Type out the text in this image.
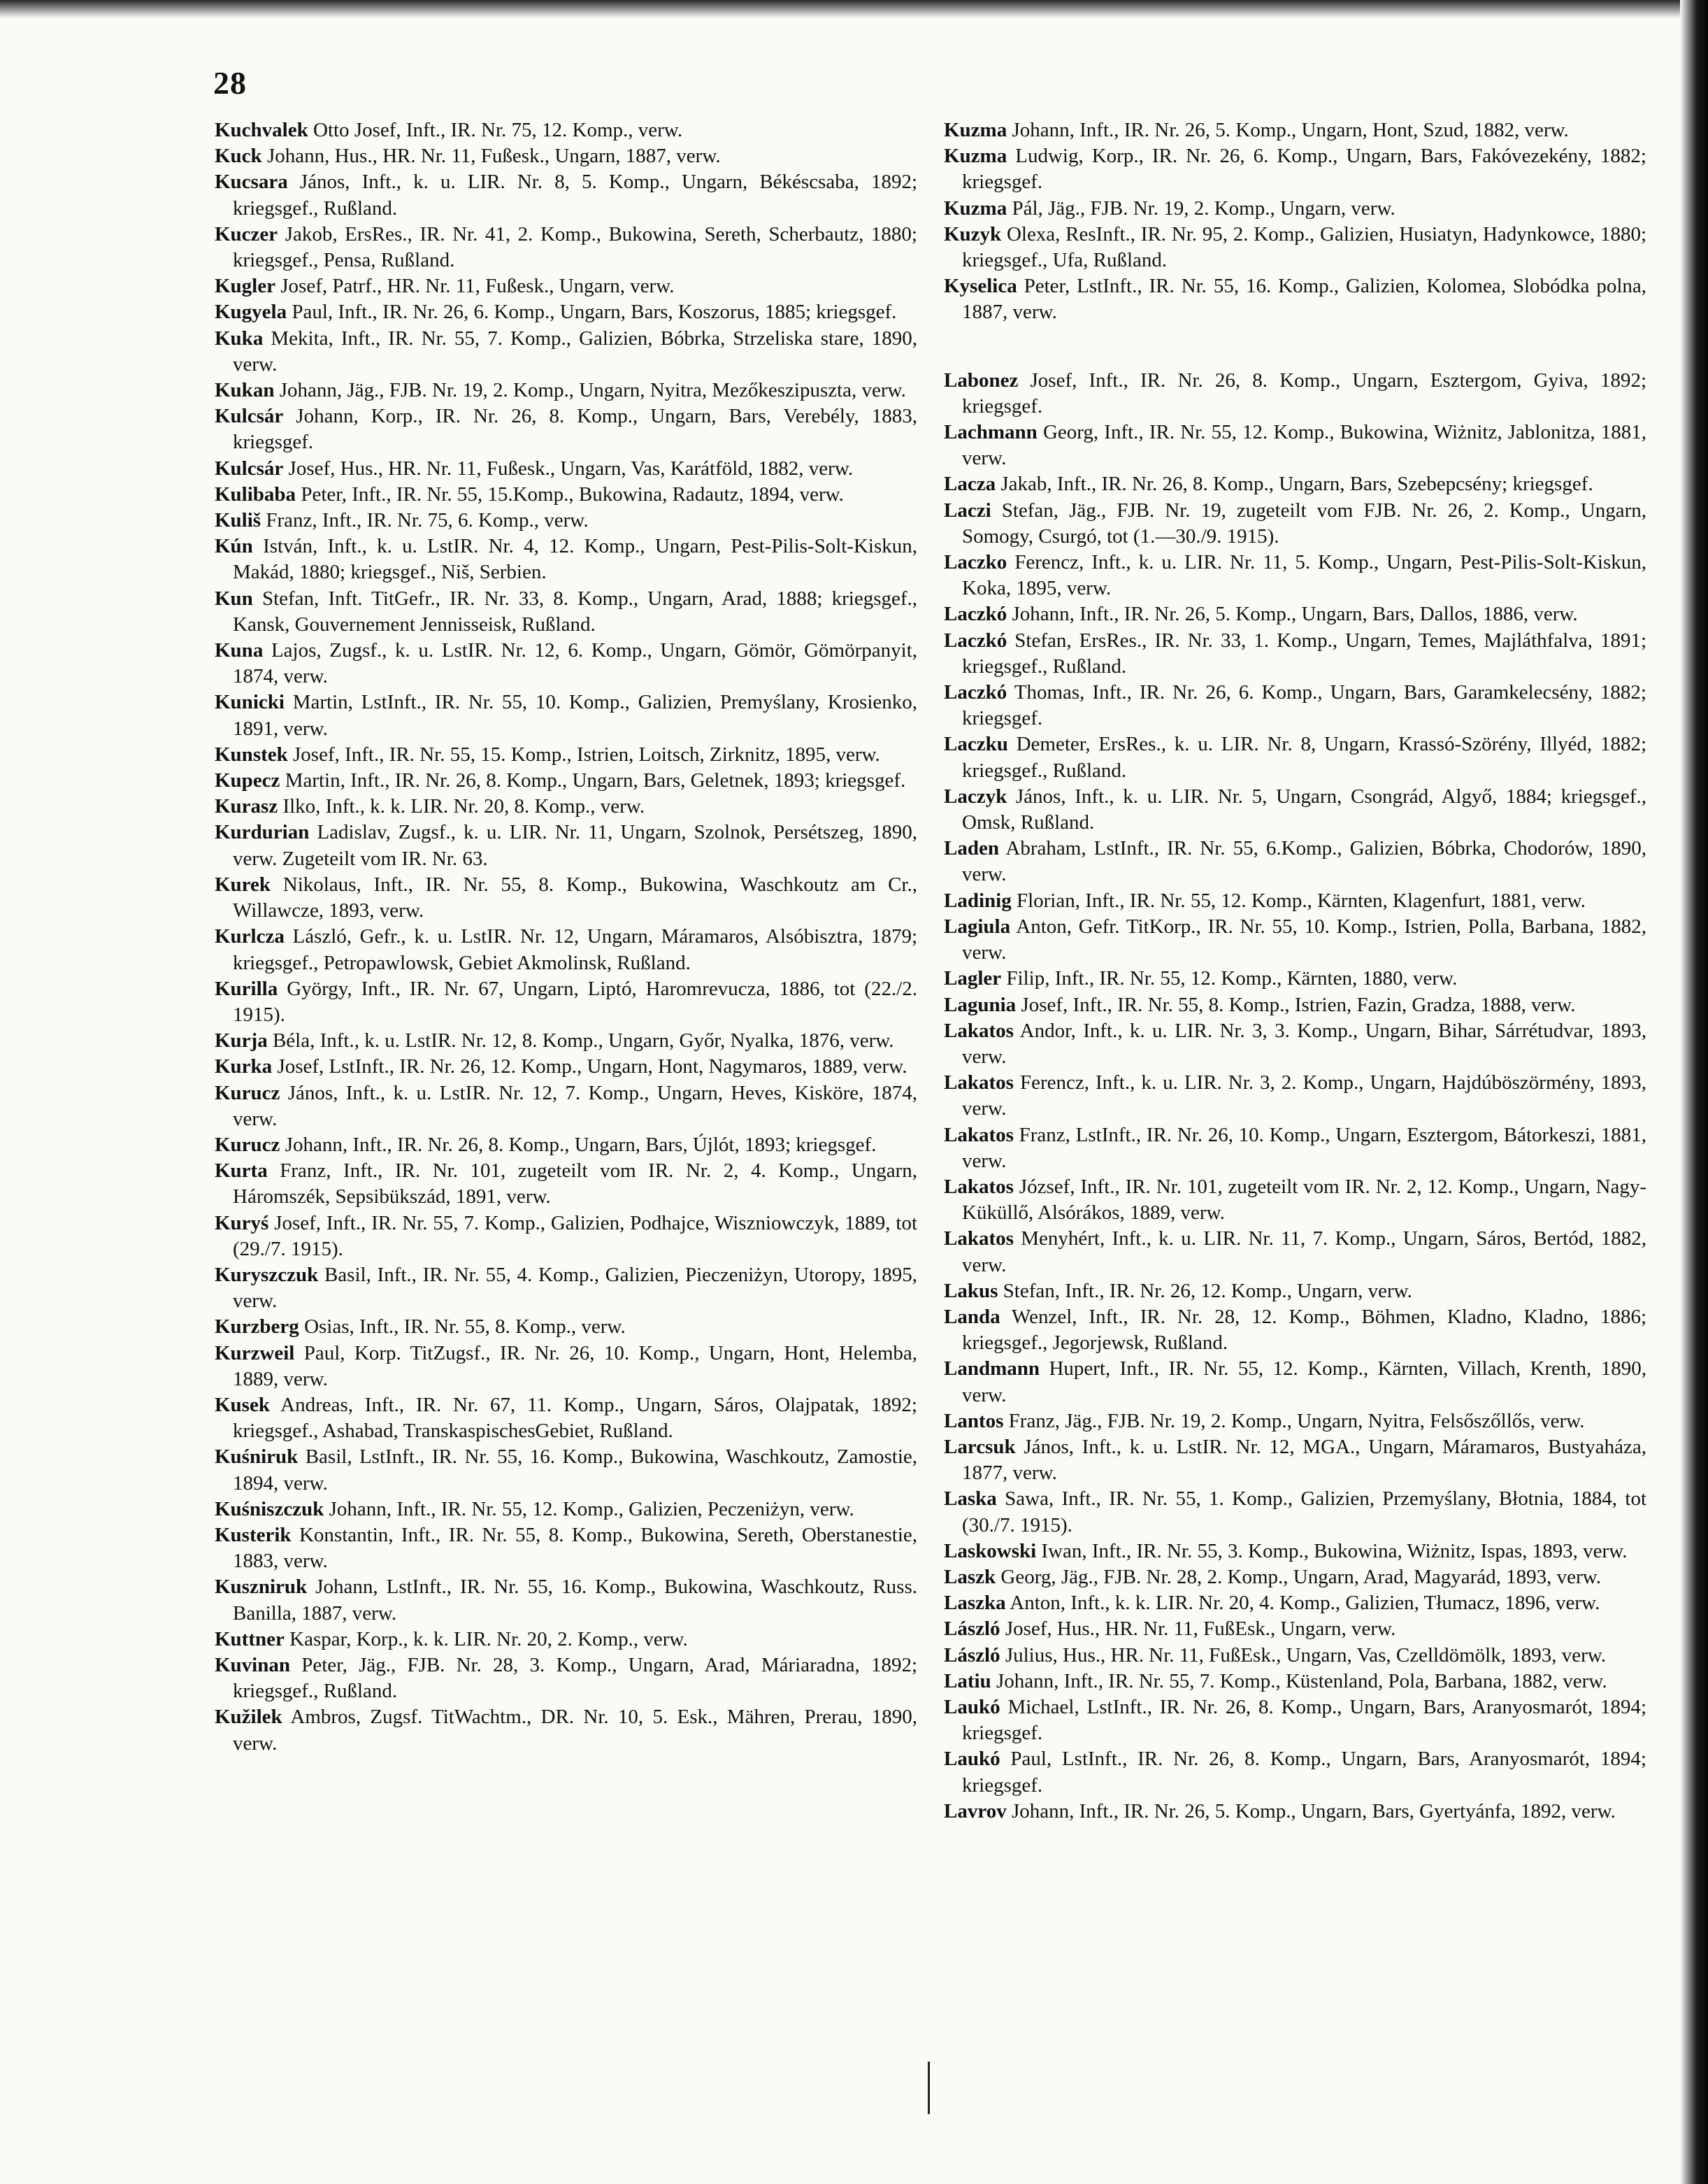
28

Kuchvalek Otto Josef, Inft., IR. Nr. 75, 12. Komp., verw.

Kuck Johann, Hus., HR. Nr. 11, Fußesk., Ungarn, 1887, verw.

Kucsara János, Inft., k. u. LIR. Nr. 8, 5. Komp., Ungarn, Békéscsaba, 1892; kriegsgef., Rußland.

Kuczer Jakob, ErsRes., IR. Nr. 41, 2. Komp., Bukowina, Sereth, Scherbautz, 1880; kriegsgef., Pensa, Rußland.

Kugler Josef, Patrf., HR. Nr. 11, Fußesk., Ungarn, verw.

Kugyela Paul, Inft., IR. Nr. 26, 6. Komp., Ungarn, Bars, Koszorus, 1885; kriegsgef.

Kuka Mekita, Inft., IR. Nr. 55, 7. Komp., Galizien, Bóbrka, Strzeliska stare, 1890, verw.

Kukan Johann, Jäg., FJB. Nr. 19, 2. Komp., Ungarn, Nyitra, Mezőkeszipuszta, verw.

Kulcsár Johann, Korp., IR. Nr. 26, 8. Komp., Ungarn, Bars, Verebély, 1883, kriegsgef.

Kulcsár Josef, Hus., HR. Nr. 11, Fußesk., Ungarn, Vas, Karátföld, 1882, verw.

Kulibaba Peter, Inft., IR. Nr. 55, 15.Komp., Bukowina, Radautz, 1894, verw.

Kuliš Franz, Inft., IR. Nr. 75, 6. Komp., verw.

Kún István, Inft., k. u. LstIR. Nr. 4, 12. Komp., Ungarn, Pest-Pilis-Solt-Kiskun, Makád, 1880; kriegsgef., Niš, Serbien.

Kun Stefan, Inft. TitGefr., IR. Nr. 33, 8. Komp., Ungarn, Arad, 1888; kriegsgef., Kansk, Gouvernement Jennisseisk, Rußland.

Kuna Lajos, Zugsf., k. u. LstIR. Nr. 12, 6. Komp., Ungarn, Gömör, Gömörpanyit, 1874, verw.

Kunicki Martin, LstInft., IR. Nr. 55, 10. Komp., Galizien, Premyślany, Krosienko, 1891, verw.

Kunstek Josef, Inft., IR. Nr. 55, 15. Komp., Istrien, Loitsch, Zirknitz, 1895, verw.

Kupecz Martin, Inft., IR. Nr. 26, 8. Komp., Ungarn, Bars, Geletnek, 1893; kriegsgef.

Kurasz Ilko, Inft., k. k. LIR. Nr. 20, 8. Komp., verw.

Kurdurian Ladislav, Zugsf., k. u. LIR. Nr. 11, Ungarn, Szolnok, Persétszeg, 1890, verw. Zugeteilt vom IR. Nr. 63.

Kurek Nikolaus, Inft., IR. Nr. 55, 8. Komp., Bukowina, Waschkoutz am Cr., Willawcze, 1893, verw.

Kurlcza László, Gefr., k. u. LstIR. Nr. 12, Ungarn, Máramaros, Alsóbisztra, 1879; kriegsgef., Petropawlowsk, Gebiet Akmolinsk, Rußland.

Kurilla György, Inft., IR. Nr. 67, Ungarn, Liptó, Haromrevucza, 1886, tot (22./2. 1915).

Kurja Béla, Inft., k. u. LstIR. Nr. 12, 8. Komp., Ungarn, Győr, Nyalka, 1876, verw.

Kurka Josef, LstInft., IR. Nr. 26, 12. Komp., Ungarn, Hont, Nagymaros, 1889, verw.

Kurucz János, Inft., k. u. LstIR. Nr. 12, 7. Komp., Ungarn, Heves, Kisköre, 1874, verw.

Kurucz Johann, Inft., IR. Nr. 26, 8. Komp., Ungarn, Bars, Újlót, 1893; kriegsgef.

Kurta Franz, Inft., IR. Nr. 101, zugeteilt vom IR. Nr. 2, 4. Komp., Ungarn, Háromszék, Sepsibükszád, 1891, verw.

Kuryś Josef, Inft., IR. Nr. 55, 7. Komp., Galizien, Podhajce, Wiszniowczyk, 1889, tot (29./7. 1915).

Kuryszczuk Basil, Inft., IR. Nr. 55, 4. Komp., Galizien, Pieczeniżyn, Utoropy, 1895, verw.

Kurzberg Osias, Inft., IR. Nr. 55, 8. Komp., verw.

Kurzweil Paul, Korp. TitZugsf., IR. Nr. 26, 10. Komp., Ungarn, Hont, Helemba, 1889, verw.

Kusek Andreas, Inft., IR. Nr. 67, 11. Komp., Ungarn, Sáros, Olajpatak, 1892; kriegsgef., Ashabad, TranskaspischesGebiet, Rußland.

Kuśniruk Basil, LstInft., IR. Nr. 55, 16. Komp., Bukowina, Waschkoutz, Zamostie, 1894, verw.

Kuśniszczuk Johann, Inft., IR. Nr. 55, 12. Komp., Galizien, Peczeniżyn, verw.

Kusterik Konstantin, Inft., IR. Nr. 55, 8. Komp., Bukowina, Sereth, Oberstanestie, 1883, verw.

Kuszniruk Johann, LstInft., IR. Nr. 55, 16. Komp., Bukowina, Waschkoutz, Russ. Banilla, 1887, verw.

Kuttner Kaspar, Korp., k. k. LIR. Nr. 20, 2. Komp., verw.

Kuvinan Peter, Jäg., FJB. Nr. 28, 3. Komp., Ungarn, Arad, Máriaradna, 1892; kriegsgef., Rußland.

Kužilek Ambros, Zugsf. TitWachtm., DR. Nr. 10, 5. Esk., Mähren, Prerau, 1890, verw.

Kuzma Johann, Inft., IR. Nr. 26, 5. Komp., Ungarn, Hont, Szud, 1882, verw.

Kuzma Ludwig, Korp., IR. Nr. 26, 6. Komp., Ungarn, Bars, Fakóvezekény, 1882; kriegsgef.

Kuzma Pál, Jäg., FJB. Nr. 19, 2. Komp., Ungarn, verw.

Kuzyk Olexa, ResInft., IR. Nr. 95, 2. Komp., Galizien, Husiatyn, Hadynkowce, 1880; kriegsgef., Ufa, Rußland.

Kyselica Peter, LstInft., IR. Nr. 55, 16. Komp., Galizien, Kolomea, Slobódka polna, 1887, verw.

Labonez Josef, Inft., IR. Nr. 26, 8. Komp., Ungarn, Esztergom, Gyiva, 1892; kriegsgef.

Lachmann Georg, Inft., IR. Nr. 55, 12. Komp., Bukowina, Wiżnitz, Jablonitza, 1881, verw.

Lacza Jakab, Inft., IR. Nr. 26, 8. Komp., Ungarn, Bars, Szebepcsény; kriegsgef.

Laczi Stefan, Jäg., FJB. Nr. 19, zugeteilt vom FJB. Nr. 26, 2. Komp., Ungarn, Somogy, Csurgó, tot (1.—30./9. 1915).

Laczko Ferencz, Inft., k. u. LIR. Nr. 11, 5. Komp., Ungarn, Pest-Pilis-Solt-Kiskun, Koka, 1895, verw.

Laczkó Johann, Inft., IR. Nr. 26, 5. Komp., Ungarn, Bars, Dallos, 1886, verw.

Laczkó Stefan, ErsRes., IR. Nr. 33, 1. Komp., Ungarn, Temes, Majláthfalva, 1891; kriegsgef., Rußland.

Laczkó Thomas, Inft., IR. Nr. 26, 6. Komp., Ungarn, Bars, Garamkelecsény, 1882; kriegsgef.

Laczku Demeter, ErsRes., k. u. LIR. Nr. 8, Ungarn, Krassó-Szörény, Illyéd, 1882; kriegsgef., Rußland.

Laczyk János, Inft., k. u. LIR. Nr. 5, Ungarn, Csongrád, Algyő, 1884; kriegsgef., Omsk, Rußland.

Laden Abraham, LstInft., IR. Nr. 55, 6.Komp., Galizien, Bóbrka, Chodorów, 1890, verw.

Ladinig Florian, Inft., IR. Nr. 55, 12. Komp., Kärnten, Klagenfurt, 1881, verw.

Lagiula Anton, Gefr. TitKorp., IR. Nr. 55, 10. Komp., Istrien, Polla, Barbana, 1882, verw.

Lagler Filip, Inft., IR. Nr. 55, 12. Komp., Kärnten, 1880, verw.

Lagunia Josef, Inft., IR. Nr. 55, 8. Komp., Istrien, Fazin, Gradza, 1888, verw.

Lakatos Andor, Inft., k. u. LIR. Nr. 3, 3. Komp., Ungarn, Bihar, Sárrétudvar, 1893, verw.

Lakatos Ferencz, Inft., k. u. LIR. Nr. 3, 2. Komp., Ungarn, Hajdúböszörmény, 1893, verw.

Lakatos Franz, LstInft., IR. Nr. 26, 10. Komp., Ungarn, Esztergom, Bátorkeszi, 1881, verw.

Lakatos József, Inft., IR. Nr. 101, zugeteilt vom IR. Nr. 2, 12. Komp., Ungarn, Nagy-Küküllő, Alsórákos, 1889, verw.

Lakatos Menyhért, Inft., k. u. LIR. Nr. 11, 7. Komp., Ungarn, Sáros, Bertód, 1882, verw.

Lakus Stefan, Inft., IR. Nr. 26, 12. Komp., Ungarn, verw.

Landa Wenzel, Inft., IR. Nr. 28, 12. Komp., Böhmen, Kladno, Kladno, 1886; kriegsgef., Jegorjewsk, Rußland.

Landmann Hupert, Inft., IR. Nr. 55, 12. Komp., Kärnten, Villach, Krenth, 1890, verw.

Lantos Franz, Jäg., FJB. Nr. 19, 2. Komp., Ungarn, Nyitra, Felsőszőllős, verw.

Larcsuk János, Inft., k. u. LstIR. Nr. 12, MGA., Ungarn, Máramaros, Bustyaháza, 1877, verw.

Laska Sawa, Inft., IR. Nr. 55, 1. Komp., Galizien, Przemyślany, Błotnia, 1884, tot (30./7. 1915).

Laskowski Iwan, Inft., IR. Nr. 55, 3. Komp., Bukowina, Wiżnitz, Ispas, 1893, verw.

Laszk Georg, Jäg., FJB. Nr. 28, 2. Komp., Ungarn, Arad, Magyarád, 1893, verw.

Laszka Anton, Inft., k. k. LIR. Nr. 20, 4. Komp., Galizien, Tłumacz, 1896, verw.

László Josef, Hus., HR. Nr. 11, FußEsk., Ungarn, verw.

László Julius, Hus., HR. Nr. 11, FußEsk., Ungarn, Vas, Czelldömölk, 1893, verw.

Latiu Johann, Inft., IR. Nr. 55, 7. Komp., Küstenland, Pola, Barbana, 1882, verw.

Laukó Michael, LstInft., IR. Nr. 26, 8. Komp., Ungarn, Bars, Aranyosmarót, 1894; kriegsgef.

Laukó Paul, LstInft., IR. Nr. 26, 8. Komp., Ungarn, Bars, Aranyosmarót, 1894; kriegsgef.

Lavrov Johann, Inft., IR. Nr. 26, 5. Komp., Ungarn, Bars, Gyertyánfa, 1892, verw.
